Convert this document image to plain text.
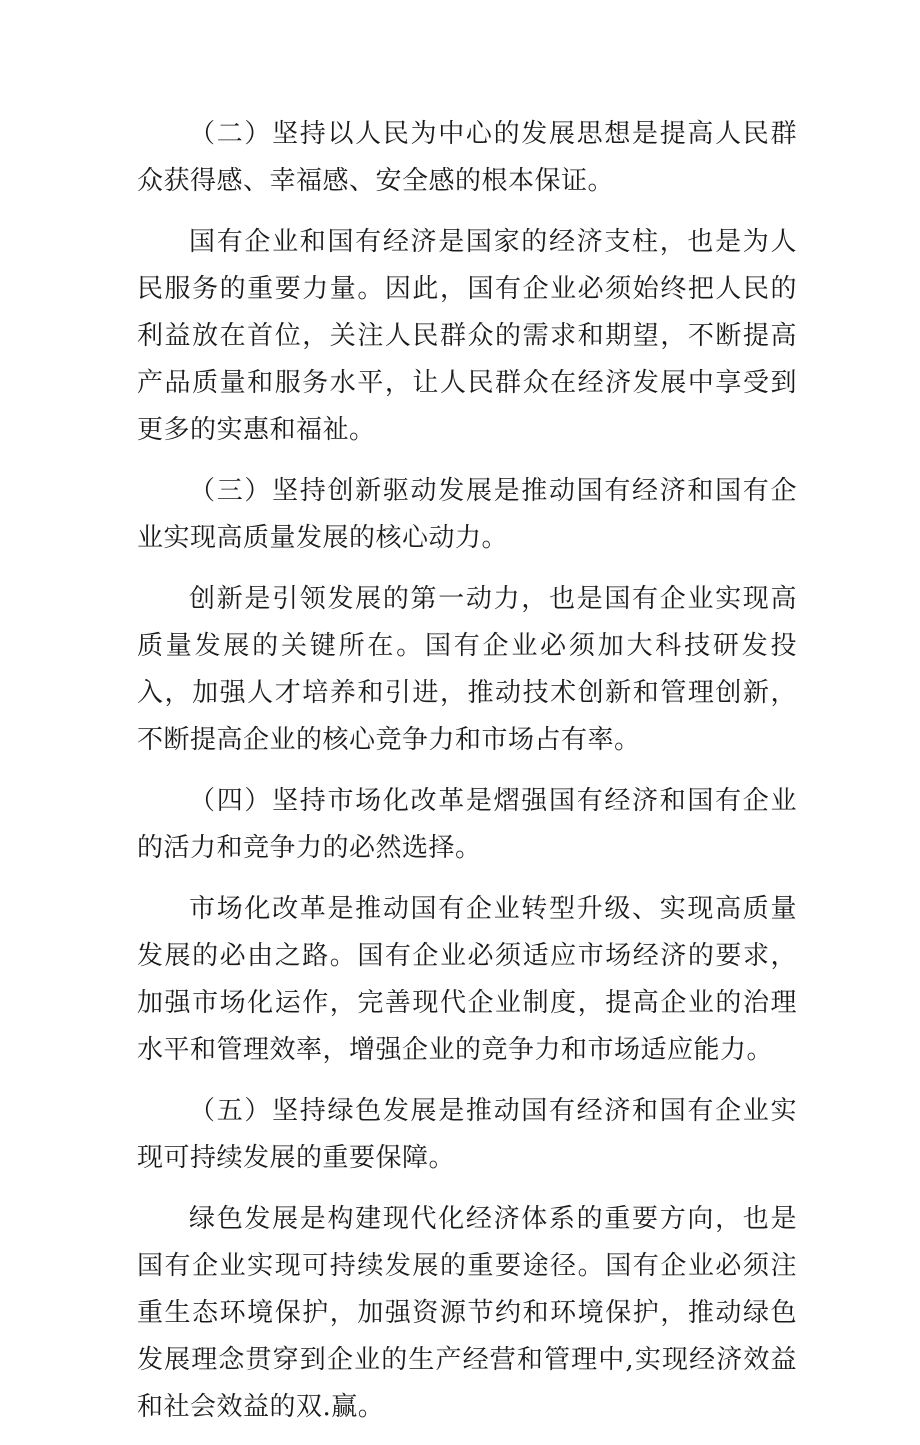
（二）坚持以人民为中心的发展思想是提高人民群众获得感、幸福感、安全感的根本保证。

国有企业和国有经济是国家的经济支柱，也是为人民服务的重要力量。因此，国有企业必须始终把人民的利益放在首位，关注人民群众的需求和期望，不断提高产品质量和服务水平，让人民群众在经济发展中享受到更多的实惠和福祉。

（三）坚持创新驱动发展是推动国有经济和国有企业实现高质量发展的核心动力。

创新是引领发展的第一动力，也是国有企业实现高质量发展的关键所在。国有企业必须加大科技研发投入，加强人才培养和引进，推动技术创新和管理创新，不断提高企业的核心竞争力和市场占有率。

（四）坚持市场化改革是熠强国有经济和国有企业的活力和竞争力的必然选择。

市场化改革是推动国有企业转型升级、实现高质量发展的必由之路。国有企业必须适应市场经济的要求，加强市场化运作，完善现代企业制度，提高企业的治理水平和管理效率，增强企业的竞争力和市场适应能力。

（五）坚持绿色发展是推动国有经济和国有企业实现可持续发展的重要保障。

绿色发展是构建现代化经济体系的重要方向，也是国有企业实现可持续发展的重要途径。国有企业必须注重生态环境保护，加强资源节约和环境保护，推动绿色发展理念贯穿到企业的生产经营和管理中,实现经济效益和社会效益的双.赢。
